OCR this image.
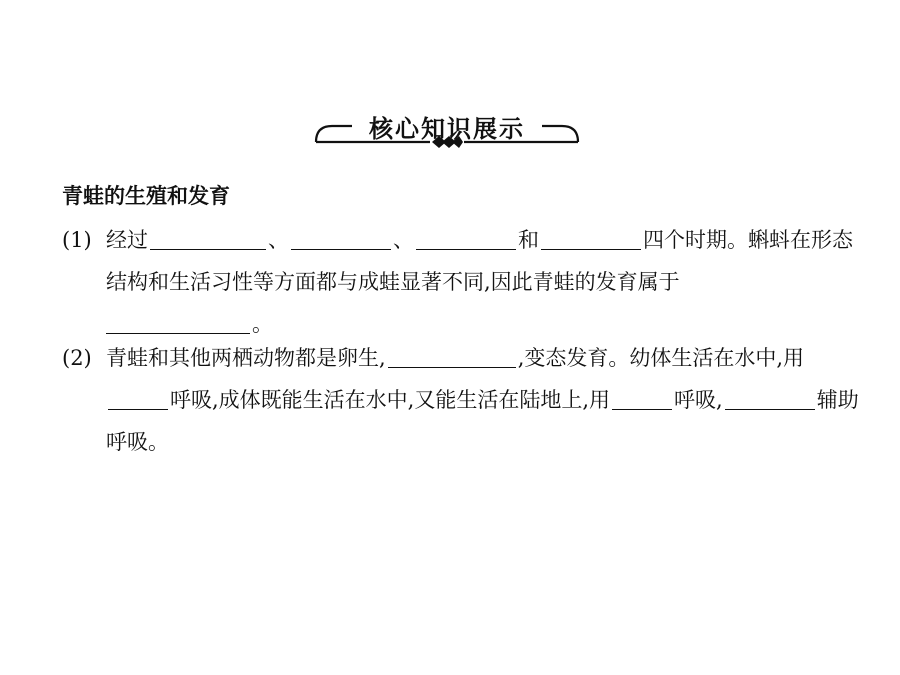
核心知识展示
青蛙的生殖和发育
(1) 经过	、	、	和	四个时期。蝌蚪在形态结构和生活习性等方面都与成蛙显著不同,因此青蛙的发育属于
。
(2) 青蛙和其他两栖动物都是卵生,	,变态发育。幼体生活在水中,用呼吸,成体既能生活在水中,又能生活在陆地上,用	呼吸,	辅助呼吸。
